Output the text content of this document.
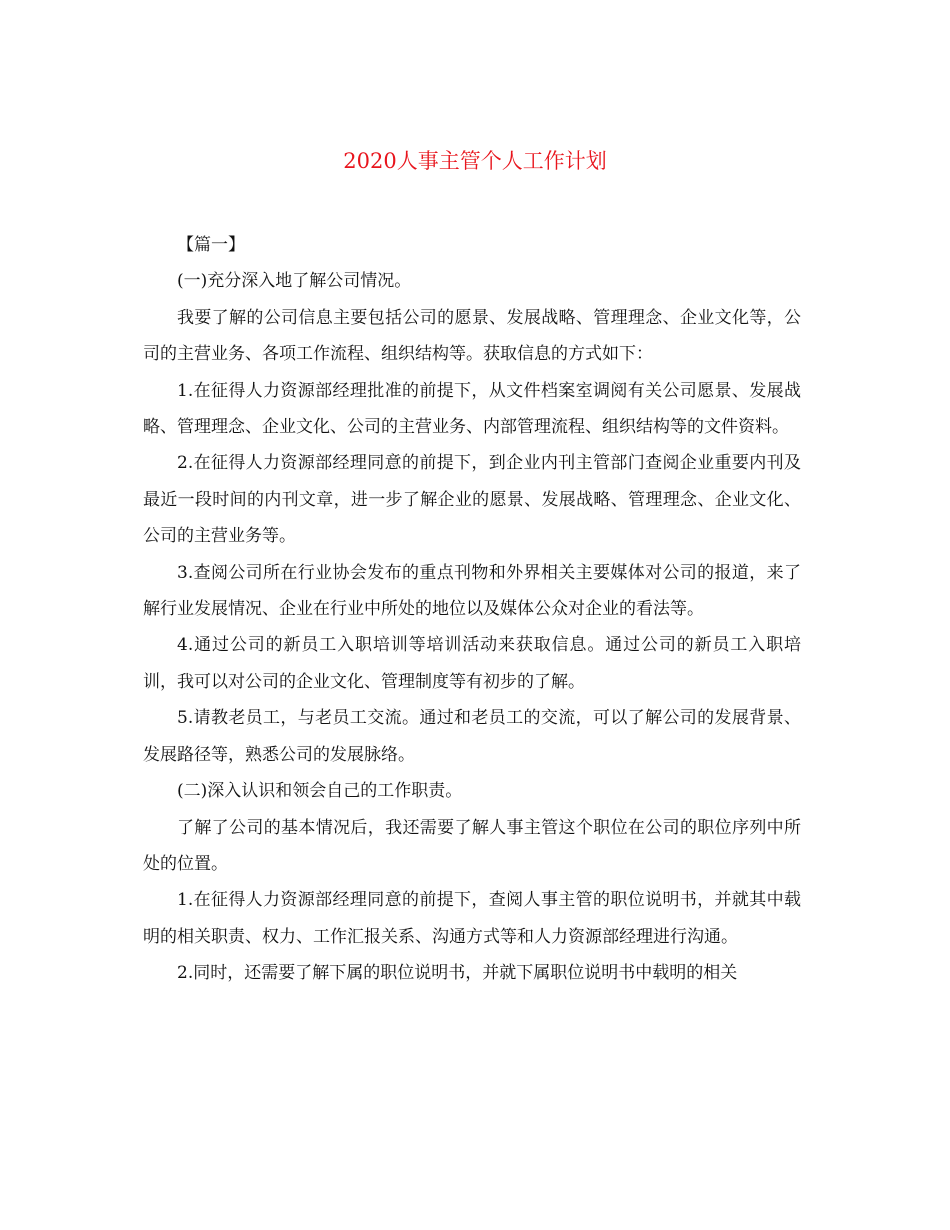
2020人事主管个人工作计划

【篇一】

(一)充分深入地了解公司情况。

我要了解的公司信息主要包括公司的愿景、发展战略、管理理念、企业文化等，公司的主营业务、各项工作流程、组织结构等。获取信息的方式如下：

1.在征得人力资源部经理批准的前提下，从文件档案室调阅有关公司愿景、发展战略、管理理念、企业文化、公司的主营业务、内部管理流程、组织结构等的文件资料。

2.在征得人力资源部经理同意的前提下，到企业内刊主管部门查阅企业重要内刊及最近一段时间的内刊文章，进一步了解企业的愿景、发展战略、管理理念、企业文化、公司的主营业务等。

3.查阅公司所在行业协会发布的重点刊物和外界相关主要媒体对公司的报道，来了解行业发展情况、企业在行业中所处的地位以及媒体公众对企业的看法等。

4.通过公司的新员工入职培训等培训活动来获取信息。通过公司的新员工入职培训，我可以对公司的企业文化、管理制度等有初步的了解。

5.请教老员工，与老员工交流。通过和老员工的交流，可以了解公司的发展背景、发展路径等，熟悉公司的发展脉络。

(二)深入认识和领会自己的工作职责。

了解了公司的基本情况后，我还需要了解人事主管这个职位在公司的职位序列中所处的位置。

1.在征得人力资源部经理同意的前提下，查阅人事主管的职位说明书，并就其中载明的相关职责、权力、工作汇报关系、沟通方式等和人力资源部经理进行沟通。

2.同时，还需要了解下属的职位说明书，并就下属职位说明书中载明的相关
